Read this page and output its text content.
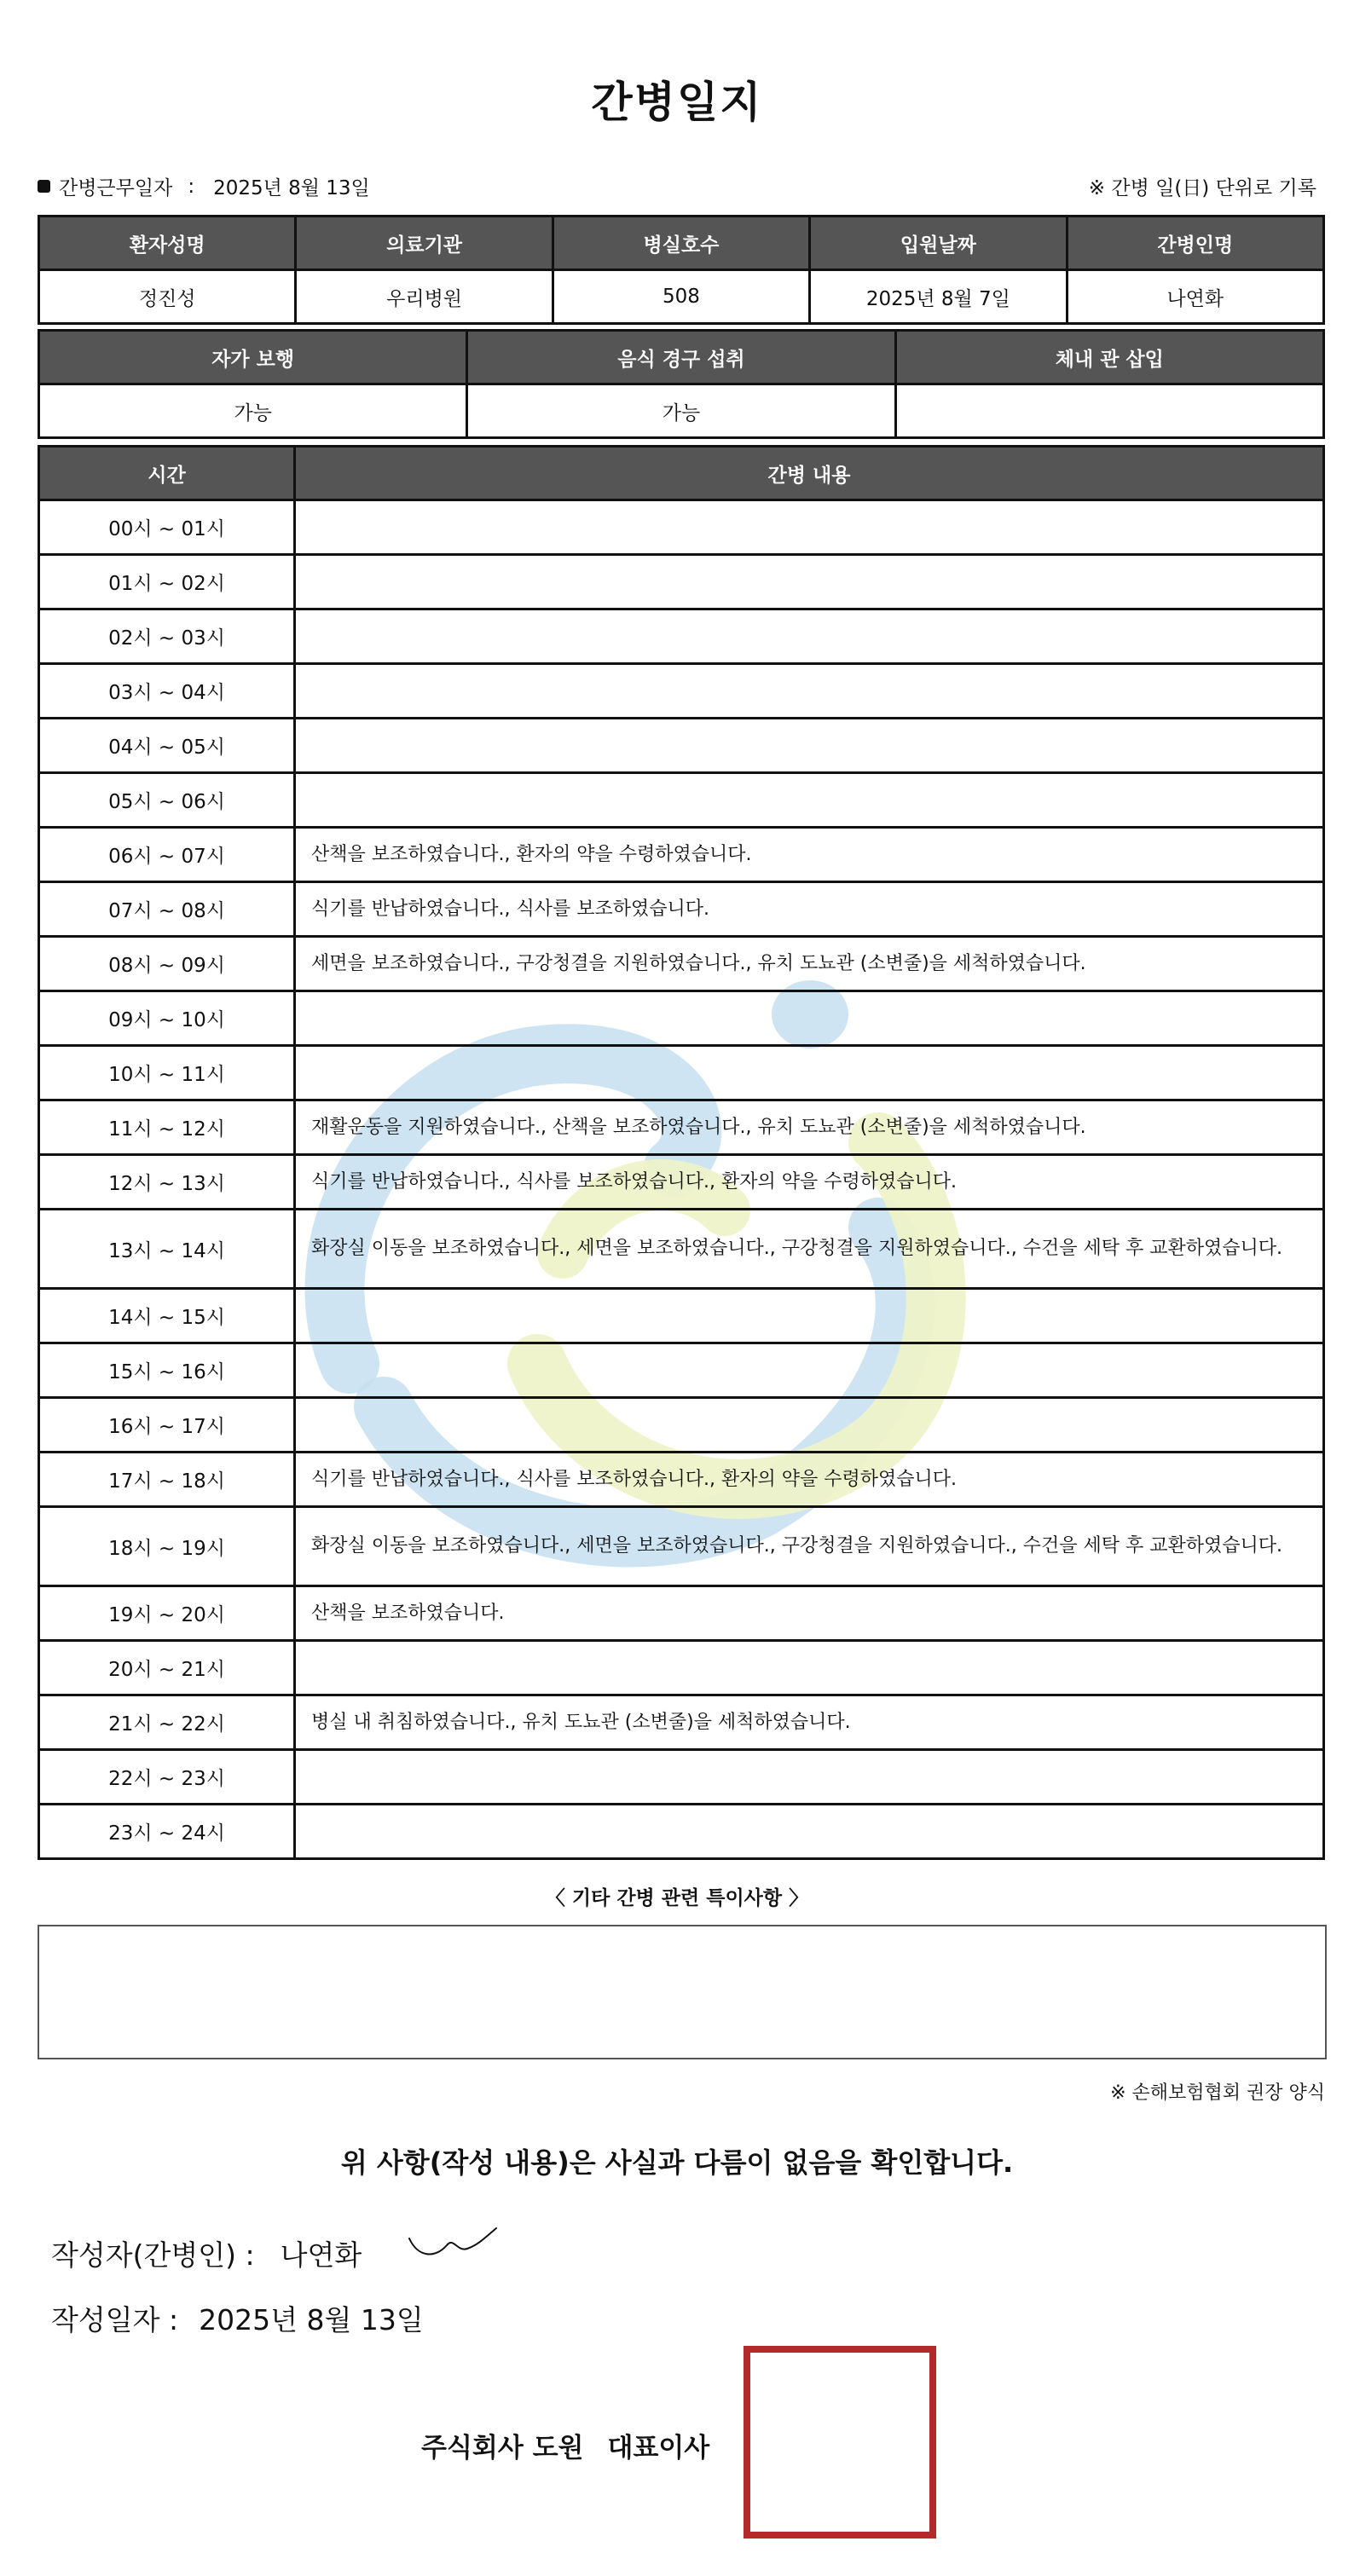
간병일지
간병근무일자 : 2025년 8월 13일	※ 간병 일(日) 단위로 기록
환자성명	의료기관	병실호수	입원날짜	간병인명
정진성	우리병원	508	2025년 8월 7일	나연화
자가 보행	음식 경구 섭취	체내 관 삽입
가능	가능	
시간	간병 내용
00시 ~ 01시	
01시 ~ 02시	
02시 ~ 03시	
03시 ~ 04시	
04시 ~ 05시	
05시 ~ 06시	
06시 ~ 07시	산책을 보조하였습니다., 환자의 약을 수령하였습니다.
07시 ~ 08시	식기를 반납하였습니다., 식사를 보조하였습니다.
08시 ~ 09시	세면을 보조하였습니다., 구강청결을 지원하였습니다., 유치 도뇨관 (소변줄)을 세척하였습니다.
09시 ~ 10시	
10시 ~ 11시	
11시 ~ 12시	재활운동을 지원하였습니다., 산책을 보조하였습니다., 유치 도뇨관 (소변줄)을 세척하였습니다.
12시 ~ 13시	식기를 반납하였습니다., 식사를 보조하였습니다., 환자의 약을 수령하였습니다.
13시 ~ 14시	화장실 이동을 보조하였습니다., 세면을 보조하였습니다., 구강청결을 지원하였습니다., 수건을 세탁 후 교환하였습니다.
14시 ~ 15시	
15시 ~ 16시	
16시 ~ 17시	
17시 ~ 18시	식기를 반납하였습니다., 식사를 보조하였습니다., 환자의 약을 수령하였습니다.
18시 ~ 19시	화장실 이동을 보조하였습니다., 세면을 보조하였습니다., 구강청결을 지원하였습니다., 수건을 세탁 후 교환하였습니다.
19시 ~ 20시	산책을 보조하였습니다.
20시 ~ 21시	
21시 ~ 22시	병실 내 취침하였습니다., 유치 도뇨관 (소변줄)을 세척하였습니다.
22시 ~ 23시	
23시 ~ 24시	
〈 기타 간병 관련 특이사항 〉
※ 손해보험협회 권장 양식
위 사항(작성 내용)은 사실과 다름이 없음을 확인합니다.
작성자(간병인) : 나연화
작성일자 : 2025년 8월 13일
주식회사 도원 대표이사
